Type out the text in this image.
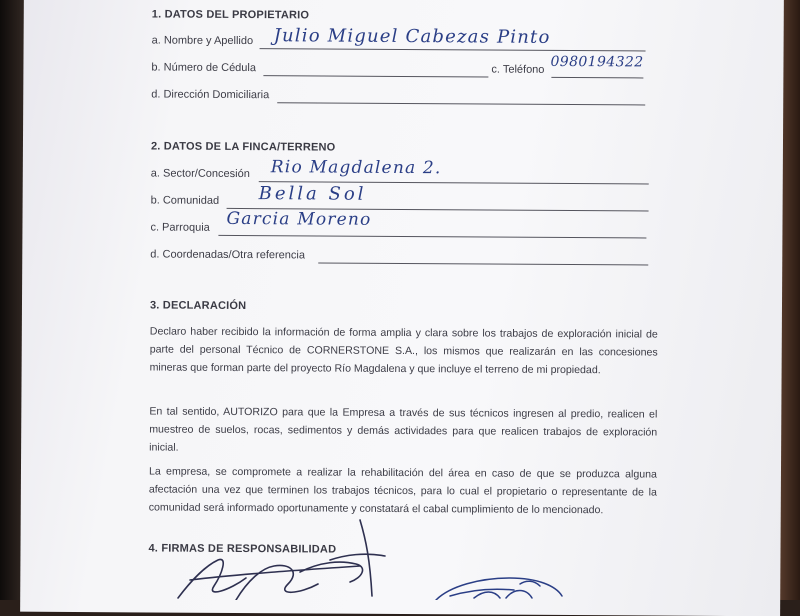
1. DATOS DEL PROPIETARIO
a. Nombre y Apellido Julio Miguel Cabezas Pinto
b. Número de Cédula	c. Teléfono 0980194322
d. Dirección Domiciliaria
2. DATOS DE LA FINCA/TERRENO
a. Sector/Concesión Rio Magdalena 2.
b. Comunidad Bella Sol
c. Parroquia Garcia Moreno
d. Coordenadas/Otra referencia
3. DECLARACIÓN
Declaro haber recibido la información de forma amplia y clara sobre los trabajos de exploración inicial de parte del personal Técnico de CORNERSTONE S.A., los mismos que realizarán en las concesiones mineras que forman parte del proyecto Río Magdalena y que incluye el terreno de mi propiedad.
En tal sentido, AUTORIZO para que la Empresa a través de sus técnicos ingresen al predio, realicen el muestreo de suelos, rocas, sedimentos y demás actividades para que realicen trabajos de exploración inicial.
La empresa, se compromete a realizar la rehabilitación del área en caso de que se produzca alguna afectación una vez que terminen los trabajos técnicos, para lo cual el propietario o representante de la comunidad será informado oportunamente y constatará el cabal cumplimiento de lo mencionado.
4. FIRMAS DE RESPONSABILIDAD
